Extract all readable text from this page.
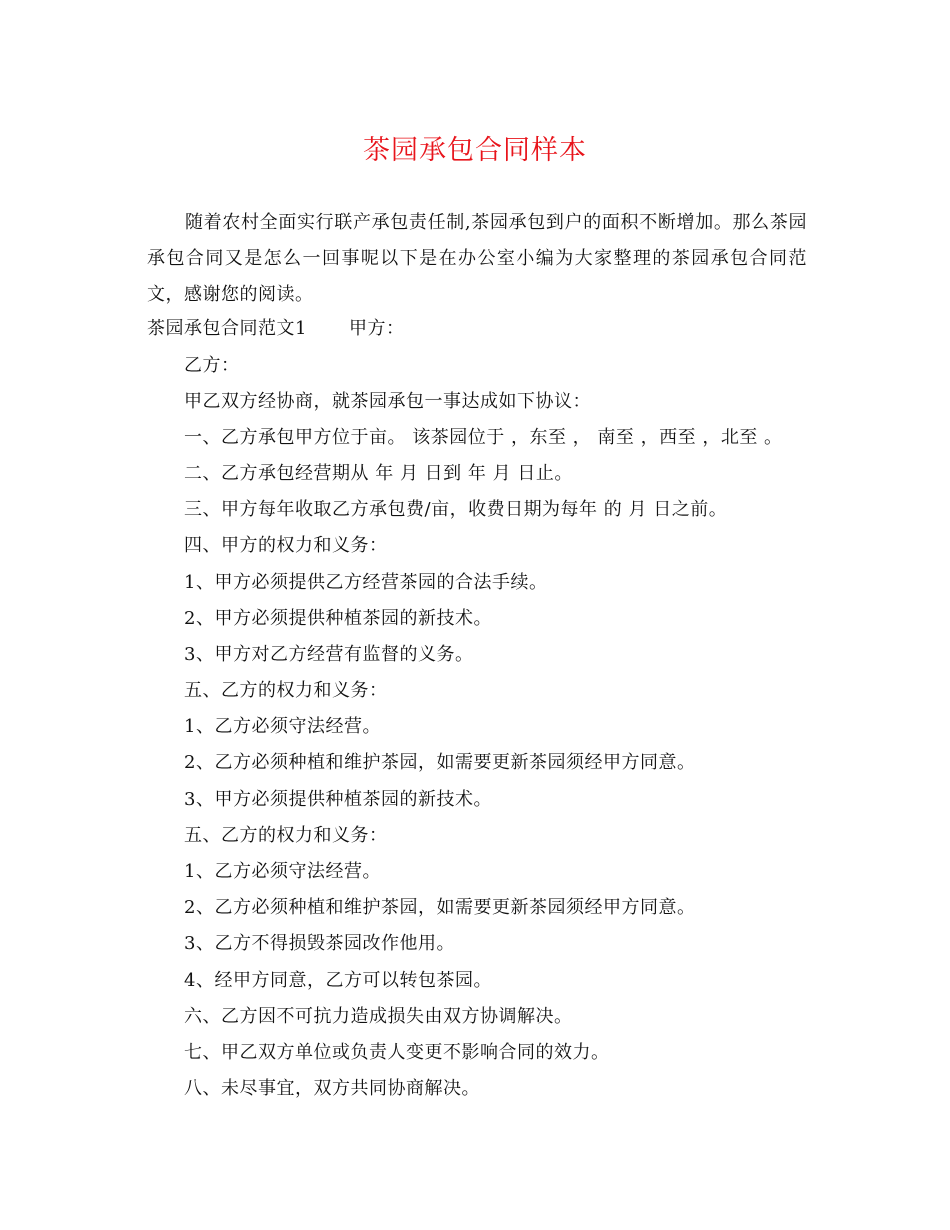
茶园承包合同样本
随着农村全面实行联产承包责任制,茶园承包到户的面积不断增加。那么茶园承包合同又是怎么一回事呢以下是在办公室小编为大家整理的茶园承包合同范文，感谢您的阅读。
茶园承包合同范文1 甲方：
乙方：
甲乙双方经协商，就茶园承包一事达成如下协议：
一、乙方承包甲方位于亩。 该茶园位于 ，东至 ， 南至 ，西至 ，北至 。
二、乙方承包经营期从 年 月 日到 年 月 日止。
三、甲方每年收取乙方承包费/亩，收费日期为每年 的 月 日之前。
四、甲方的权力和义务：
1、甲方必须提供乙方经营茶园的合法手续。
2、甲方必须提供种植茶园的新技术。
3、甲方对乙方经营有监督的义务。
五、乙方的权力和义务：
1、乙方必须守法经营。
2、乙方必须种植和维护茶园，如需要更新茶园须经甲方同意。
3、甲方必须提供种植茶园的新技术。
五、乙方的权力和义务：
1、乙方必须守法经营。
2、乙方必须种植和维护茶园，如需要更新茶园须经甲方同意。
3、乙方不得损毁茶园改作他用。
4、经甲方同意，乙方可以转包茶园。
六、乙方因不可抗力造成损失由双方协调解决。
七、甲乙双方单位或负责人变更不影响合同的效力。
八、未尽事宜，双方共同协商解决。
